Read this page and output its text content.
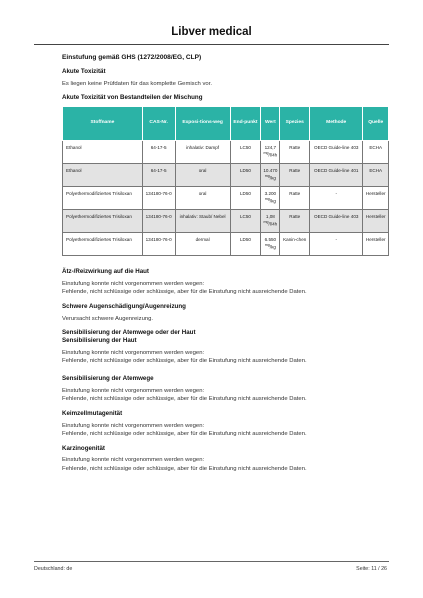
Libver medical
Einstufung gemäß GHS (1272/2008/EG, CLP)
Akute Toxizität
Es liegen keine Prüfdaten für das komplette Gemisch vor.
Akute Toxizität von Bestandteilen der Mischung
Stoffname	CAS-Nr.	Exposi-tions-weg	End-punkt	Wert	Spezies	Methode	Quelle
Ethanol	64-17-5	inhalativ: Dampf	LC50	124,7
$^{mg}$/l/4h	Ratte	OECD Guide-line 403	ECHA
Ethanol	64-17-5	oral	LD50	10.470
$^{mg}$/kg	Ratte	OECD Guide-line 401	ECHA
Polyethermodifiziertes Trisiloxan	134180-76-0	oral	LD50	3.200
$^{mg}$/kg	Ratte	-	Hersteller
Polyethermodifiziertes Trisiloxan	134180-76-0	inhalativ: Staub/ Nebel	LC50	1,08
$^{mg}$/l/4h	Ratte	OECD Guide-line 403	Hersteller
Polyethermodifiziertes Trisiloxan	134180-76-0	dermal	LD50	6.550
$^{mg}$/kg	Kanin-chen	-	Hersteller
Ätz-/Reizwirkung auf die Haut
Einstufung konnte nicht vorgenommen werden wegen:
Fehlende, nicht schlüssige oder schlüssige, aber für die Einstufung nicht ausreichende Daten.
Schwere Augenschädigung/Augenreizung
Verursacht schwere Augenreizung.
Sensibilisierung der Atemwege oder der Haut
Sensibilisierung der Haut
Einstufung konnte nicht vorgenommen werden wegen:
Fehlende, nicht schlüssige oder schlüssige, aber für die Einstufung nicht ausreichende Daten.
Sensibilisierung der Atemwege
Einstufung konnte nicht vorgenommen werden wegen:
Fehlende, nicht schlüssige oder schlüssige, aber für die Einstufung nicht ausreichende Daten.
Keimzellmutagenität
Einstufung konnte nicht vorgenommen werden wegen:
Fehlende, nicht schlüssige oder schlüssige, aber für die Einstufung nicht ausreichende Daten.
Karzinogenität
Einstufung konnte nicht vorgenommen werden wegen:
Fehlende, nicht schlüssige oder schlüssige, aber für die Einstufung nicht ausreichende Daten.
Deutschland: de	Seite: 11 / 26
